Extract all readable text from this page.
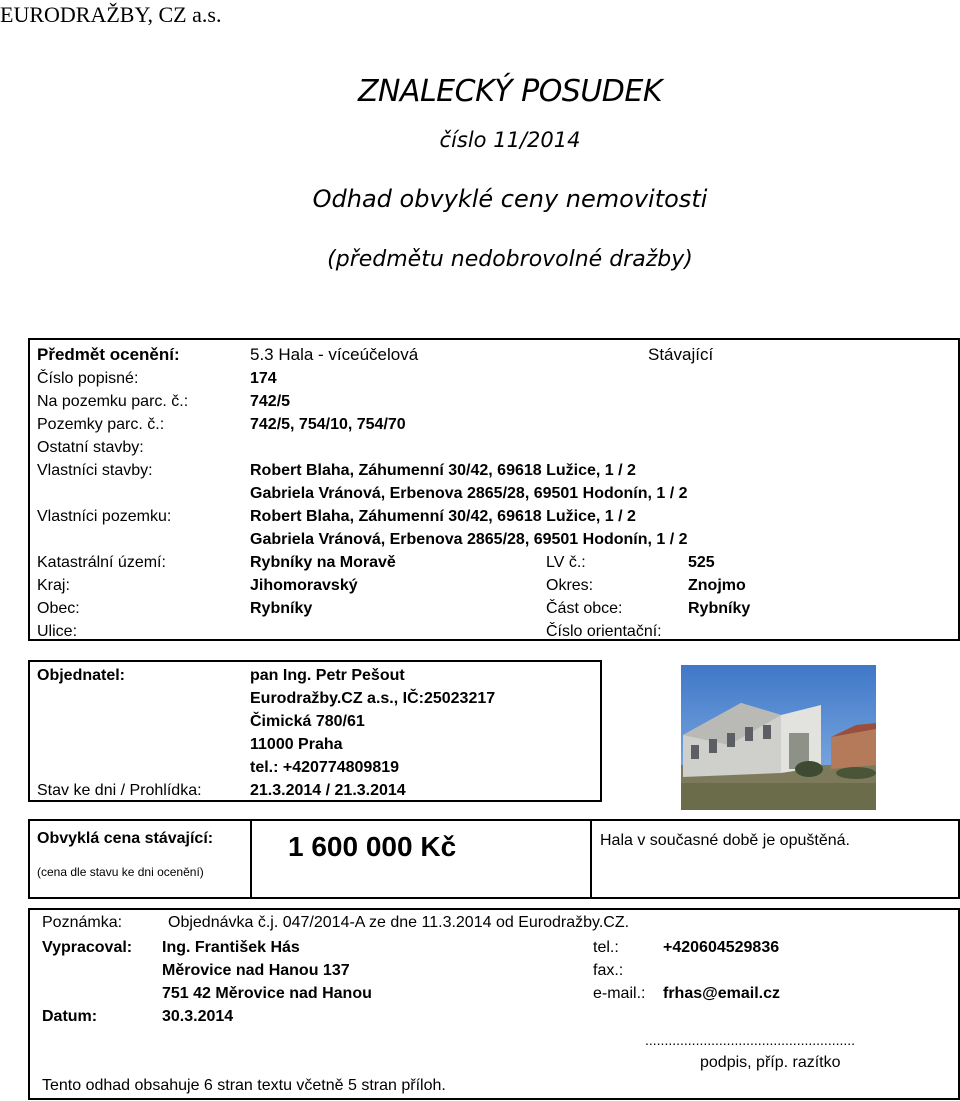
EURODRAŽBY, CZ a.s.
ZNALECKÝ POSUDEK
číslo 11/2014
Odhad obvyklé ceny nemovitosti
(předmětu nedobrovolné dražby)
Předmět ocenění:	5.3 Hala - víceúčelová	Stávající
Číslo popisné:	174
Na pozemku parc. č.:	742/5
Pozemky parc. č.:	742/5, 754/10, 754/70
Ostatní stavby:
Vlastníci stavby:	Robert Blaha, Záhumenní 30/42, 69618 Lužice, 1 / 2
Gabriela Vránová, Erbenova 2865/28, 69501 Hodonín, 1 / 2
Vlastníci pozemku:	Robert Blaha, Záhumenní 30/42, 69618 Lužice, 1 / 2
Gabriela Vránová, Erbenova 2865/28, 69501 Hodonín, 1 / 2
Katastrální území:	Rybníky na Moravě	LV č.:	525
Kraj:	Jihomoravský	Okres:	Znojmo
Obec:	Rybníky	Část obce:	Rybníky
Ulice:	Číslo orientační:
Objednatel:	pan Ing. Petr Pešout
Eurodražby.CZ a.s., IČ:25023217
Čimická 780/61
11000 Praha
tel.: +420774809819
Stav ke dni / Prohlídka:	21.3.2014 / 21.3.2014
Obvyklá cena stávající:
(cena dle stavu ke dni ocenění)
1 600 000 Kč	Hala v současné době je opuštěná.
Poznámka:	Objednávka č.j. 047/2014-A ze dne 11.3.2014 od Eurodražby.CZ.
Vypracoval: Ing. František Hás
Měrovice nad Hanou 137
751 42 Měrovice nad Hanou
tel.:	+420604529836
fax.:
e-mail.: frhas@email.cz
Datum:	30.3.2014
......................................................
podpis, příp. razítko
Tento odhad obsahuje 6 stran textu včetně 5 stran příloh.
